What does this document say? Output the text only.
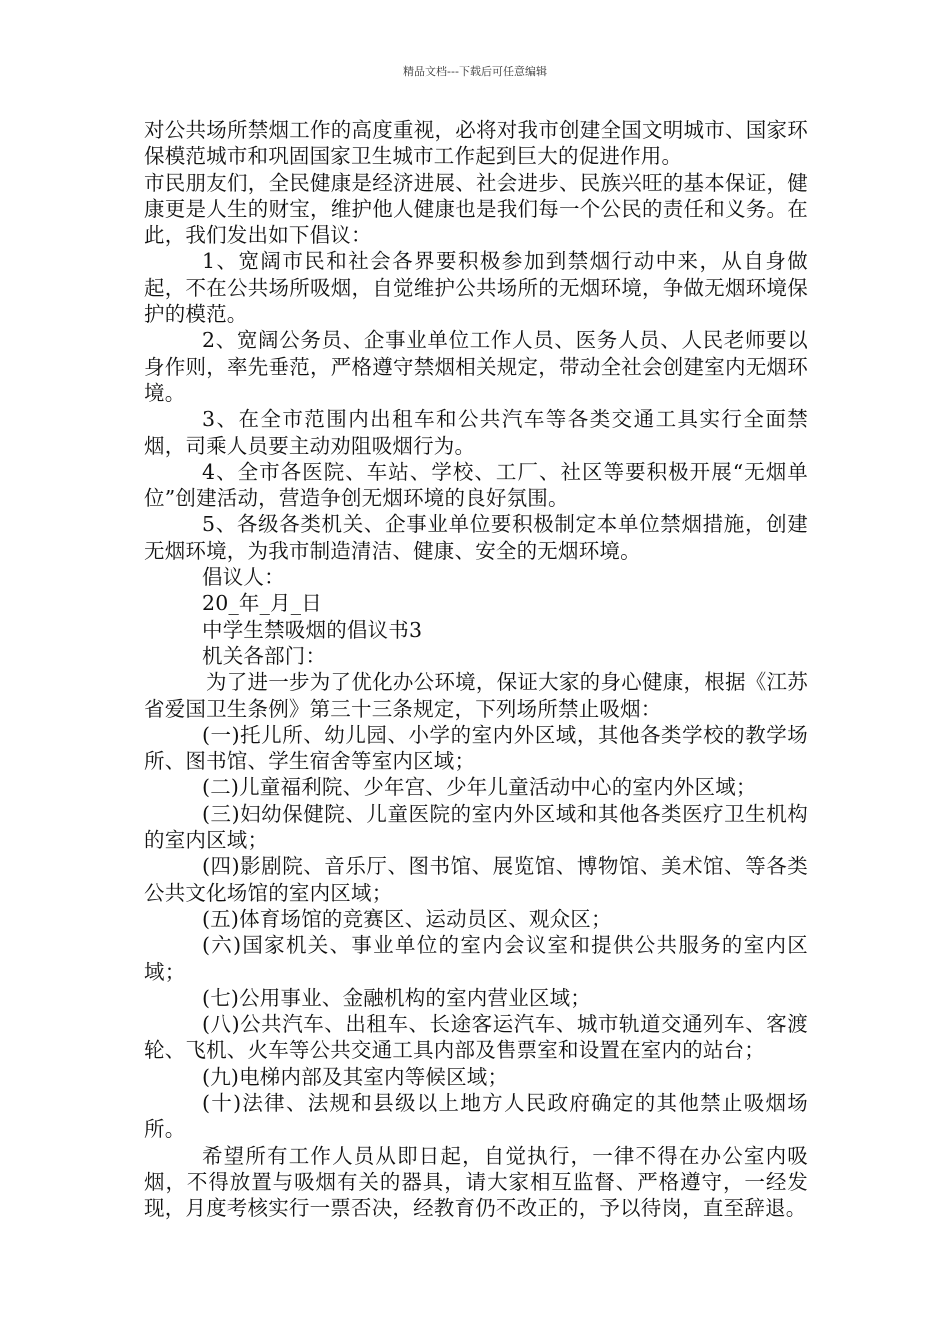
精品文档---下载后可任意编辑

对公共场所禁烟工作的高度重视，必将对我市创建全国文明城市、国家环保模范城市和巩固国家卫生城市工作起到巨大的促进作用。

市民朋友们，全民健康是经济进展、社会进步、民族兴旺的基本保证，健康更是人生的财宝，维护他人健康也是我们每一个公民的责任和义务。在此，我们发出如下倡议：

1、宽阔市民和社会各界要积极参加到禁烟行动中来，从自身做起，不在公共场所吸烟，自觉维护公共场所的无烟环境，争做无烟环境保护的模范。

2、宽阔公务员、企事业单位工作人员、医务人员、人民老师要以身作则，率先垂范，严格遵守禁烟相关规定，带动全社会创建室内无烟环境。

3、在全市范围内出租车和公共汽车等各类交通工具实行全面禁烟，司乘人员要主动劝阻吸烟行为。

4、全市各医院、车站、学校、工厂、社区等要积极开展“无烟单位”创建活动，营造争创无烟环境的良好氛围。

5、各级各类机关、企事业单位要积极制定本单位禁烟措施，创建无烟环境，为我市制造清洁、健康、安全的无烟环境。

倡议人：

20_年_月_日

中学生禁吸烟的倡议书3

机关各部门：

为了进一步为了优化办公环境，保证大家的身心健康，根据《江苏省爱国卫生条例》第三十三条规定，下列场所禁止吸烟：

(一)托儿所、幼儿园、小学的室内外区域，其他各类学校的教学场所、图书馆、学生宿舍等室内区域；

(二)儿童福利院、少年宫、少年儿童活动中心的室内外区域；

(三)妇幼保健院、儿童医院的室内外区域和其他各类医疗卫生机构的室内区域；

(四)影剧院、音乐厅、图书馆、展览馆、博物馆、美术馆、等各类公共文化场馆的室内区域；

(五)体育场馆的竞赛区、运动员区、观众区；

(六)国家机关、事业单位的室内会议室和提供公共服务的室内区域；

(七)公用事业、金融机构的室内营业区域；

(八)公共汽车、出租车、长途客运汽车、城市轨道交通列车、客渡轮、飞机、火车等公共交通工具内部及售票室和设置在室内的站台；

(九)电梯内部及其室内等候区域；

(十)法律、法规和县级以上地方人民政府确定的其他禁止吸烟场所。

希望所有工作人员从即日起，自觉执行，一律不得在办公室内吸烟，不得放置与吸烟有关的器具，请大家相互监督、严格遵守，一经发现，月度考核实行一票否决，经教育仍不改正的，予以待岗，直至辞退。
